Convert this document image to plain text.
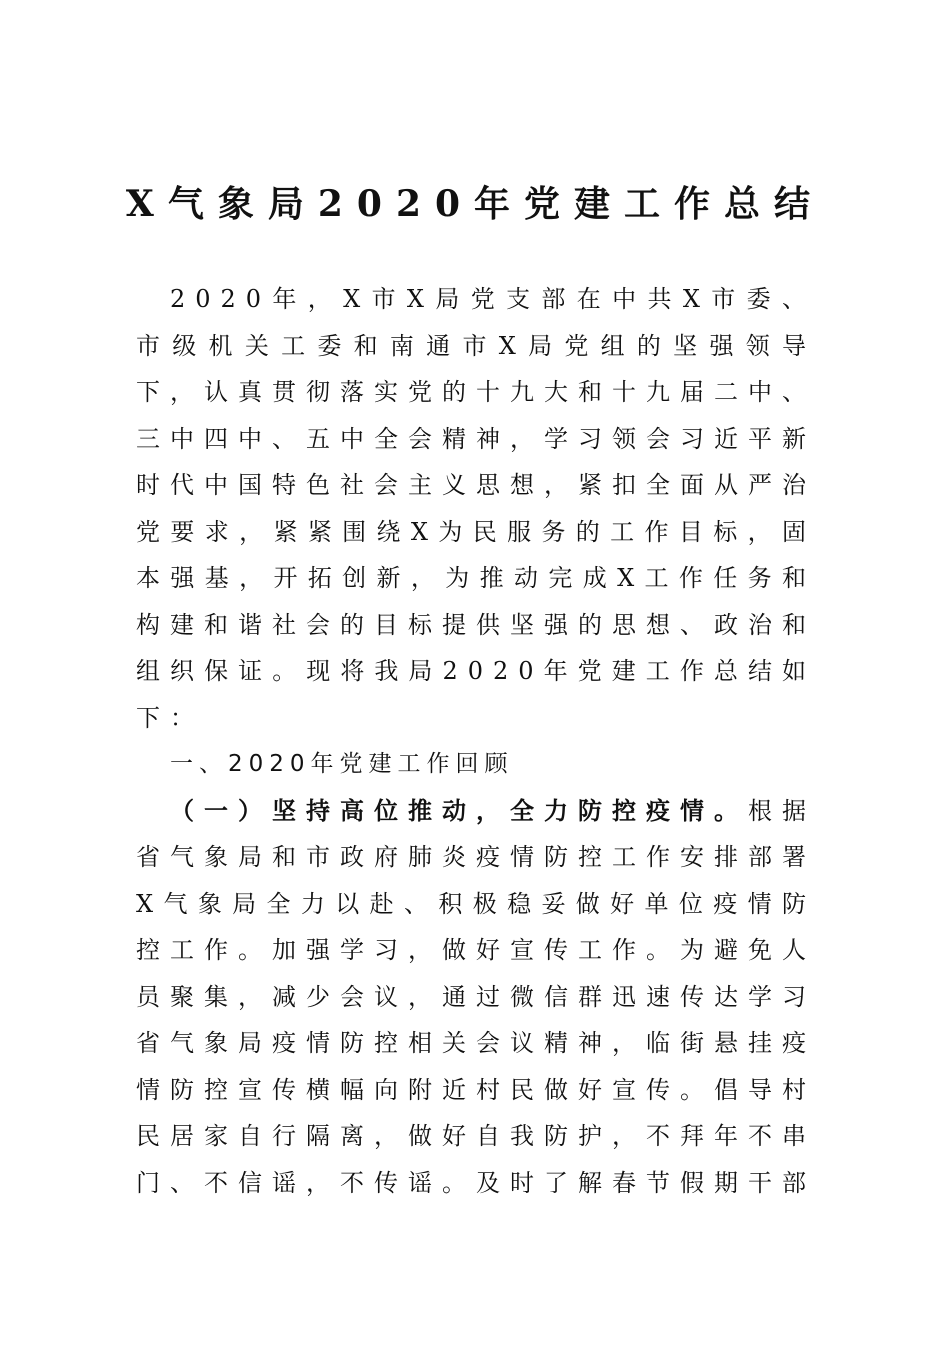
X气象局2020年党建工作总结

2020年，X市X局党支部在中共X市委、市级机关工委和南通市X局党组的坚强领导下，认真贯彻落实党的十九大和十九届二中、三中四中、五中全会精神，学习领会习近平新时代中国特色社会主义思想，紧扣全面从严治党要求，紧紧围绕X为民服务的工作目标，固本强基，开拓创新，为推动完成X工作任务和构建和谐社会的目标提供坚强的思想、政治和组织保证。现将我局2020年党建工作总结如下：

一、2020年党建工作回顾

（一）坚持高位推动，全力防控疫情。根据省气象局和市政府肺炎疫情防控工作安排部署X气象局全力以赴、积极稳妥做好单位疫情防控工作。加强学习，做好宣传工作。为避免人员聚集，减少会议，通过微信群迅速传达学习省气象局疫情防控相关会议精神，临街悬挂疫情防控宣传横幅向附近村民做好宣传。倡导村民居家自行隔离，做好自我防护，不拜年不串门、不信谣，不传谣。及时了解春节假期干部
